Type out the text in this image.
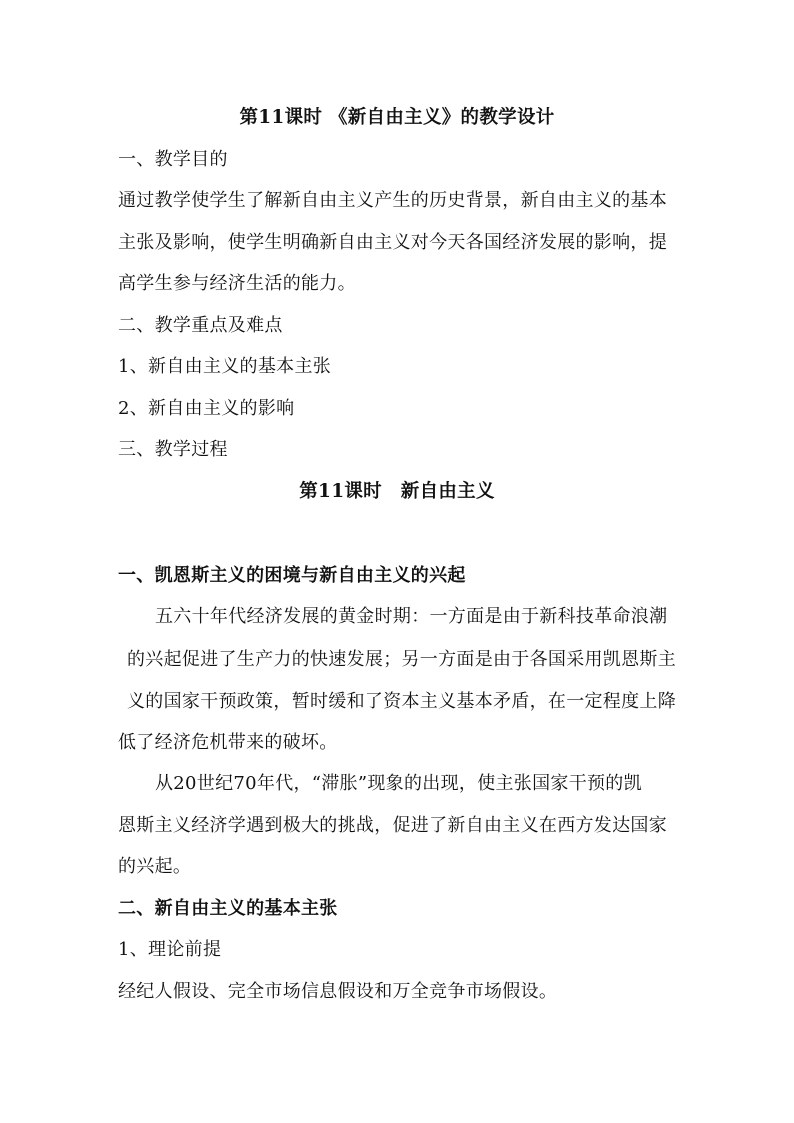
第11课时 《新自由主义》的教学设计
一、教学目的
通过教学使学生了解新自由主义产生的历史背景，新自由主义的基本
主张及影响，使学生明确新自由主义对今天各国经济发展的影响，提
高学生参与经济生活的能力。
二、教学重点及难点
1、新自由主义的基本主张
2、新自由主义的影响
三、教学过程
第11课时　新自由主义
一、凯恩斯主义的困境与新自由主义的兴起
五六十年代经济发展的黄金时期：一方面是由于新科技革命浪潮
的兴起促进了生产力的快速发展；另一方面是由于各国采用凯恩斯主
义的国家干预政策，暂时缓和了资本主义基本矛盾，在一定程度上降
低了经济危机带来的破坏。
从20世纪70年代，“滞胀”现象的出现，使主张国家干预的凯
恩斯主义经济学遇到极大的挑战，促进了新自由主义在西方发达国家
的兴起。
二、新自由主义的基本主张
1、理论前提
经纪人假设、完全市场信息假设和万全竞争市场假设。
